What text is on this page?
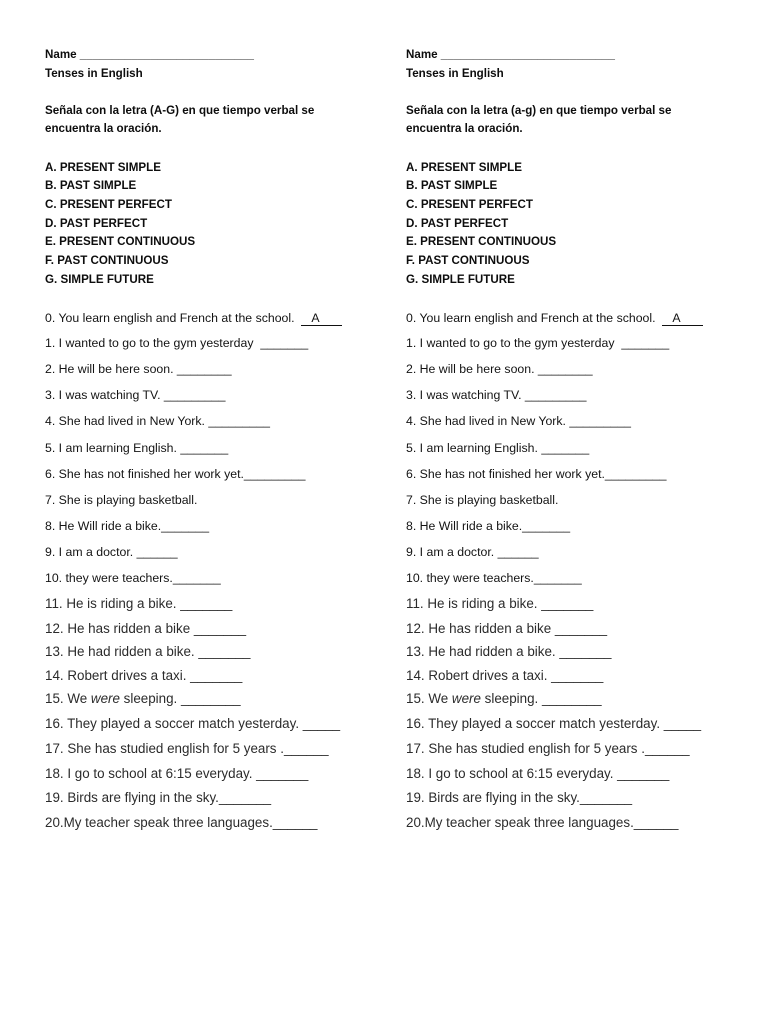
Name ___________________________
Tenses in English
Señala con la letra (A-G) en que tiempo verbal se
encuentra la oración.
A. PRESENT SIMPLE
B. PAST SIMPLE
C. PRESENT PERFECT
D. PAST PERFECT
E. PRESENT CONTINUOUS
F. PAST CONTINUOUS
G. SIMPLE FUTURE
0. You learn english and French at the school.  A
1. I wanted to go to the gym yesterday  _______
2. He will be here soon. ________
3. I was watching TV. _________
4. She had lived in New York. _________
5. I am learning English. _______
6. She has not finished her work yet._________
7. She is playing basketball.
8. He Will ride a bike._______
9. I am a doctor. ______
10. they were teachers._______
11. He is riding a bike. _______
12. He has ridden a bike _______
13. He had ridden a bike. _______
14. Robert drives a taxi. _______
15. We were sleeping. ________
16. They played a soccer match yesterday. _____
17. She has studied english for 5 years .______
18. I go to school at 6:15 everyday. _______
19. Birds are flying in the sky._______
20.My teacher speak three languages.______
Name ___________________________
Tenses in English
Señala con la letra (a-g) en que tiempo verbal se
encuentra la oración.
A. PRESENT SIMPLE
B. PAST SIMPLE
C. PRESENT PERFECT
D. PAST PERFECT
E. PRESENT CONTINUOUS
F. PAST CONTINUOUS
G. SIMPLE FUTURE
0. You learn english and French at the school.  A
1. I wanted to go to the gym yesterday  _______
2. He will be here soon. ________
3. I was watching TV. _________
4. She had lived in New York. _________
5. I am learning English. _______
6. She has not finished her work yet._________
7. She is playing basketball.
8. He Will ride a bike._______
9. I am a doctor. ______
10. they were teachers._______
11. He is riding a bike. _______
12. He has ridden a bike _______
13. He had ridden a bike. _______
14. Robert drives a taxi. _______
15. We were sleeping. ________
16. They played a soccer match yesterday. _____
17. She has studied english for 5 years .______
18. I go to school at 6:15 everyday. _______
19. Birds are flying in the sky._______
20.My teacher speak three languages.______
